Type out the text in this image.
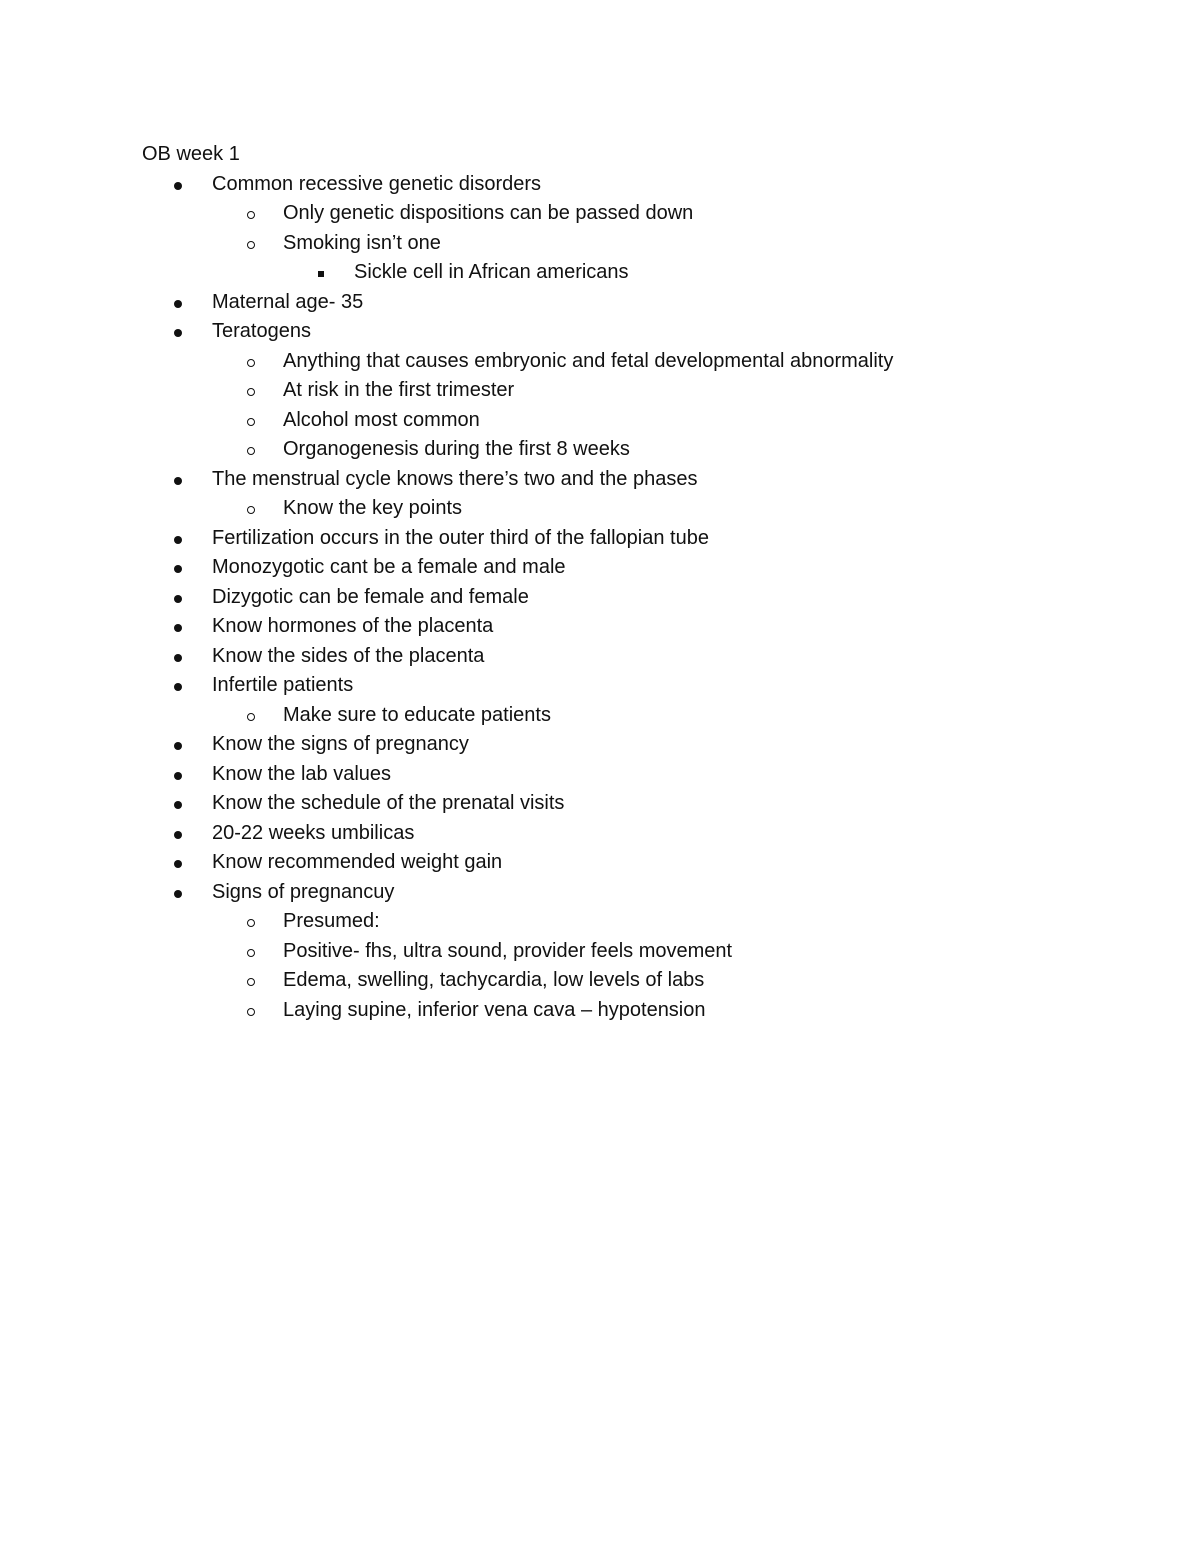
OB week 1
Common recessive genetic disorders
Only genetic dispositions can be passed down
Smoking isn’t one
Sickle cell in African americans
Maternal age- 35
Teratogens
Anything that causes embryonic and fetal developmental abnormality
At risk in the first trimester
Alcohol most common
Organogenesis during the first 8 weeks
The menstrual cycle knows there’s two and the phases
Know the key points
Fertilization occurs in the outer third of the fallopian tube
Monozygotic cant be a female and male
Dizygotic can be female and female
Know hormones of the placenta
Know the sides of the placenta
Infertile patients
Make sure to educate patients
Know the signs of pregnancy
Know the lab values
Know the schedule of the prenatal visits
20-22 weeks umbilicas
Know recommended weight gain
Signs of pregnancuy
Presumed:
Positive- fhs, ultra sound, provider feels movement
Edema, swelling, tachycardia, low levels of labs
Laying supine, inferior vena cava – hypotension
